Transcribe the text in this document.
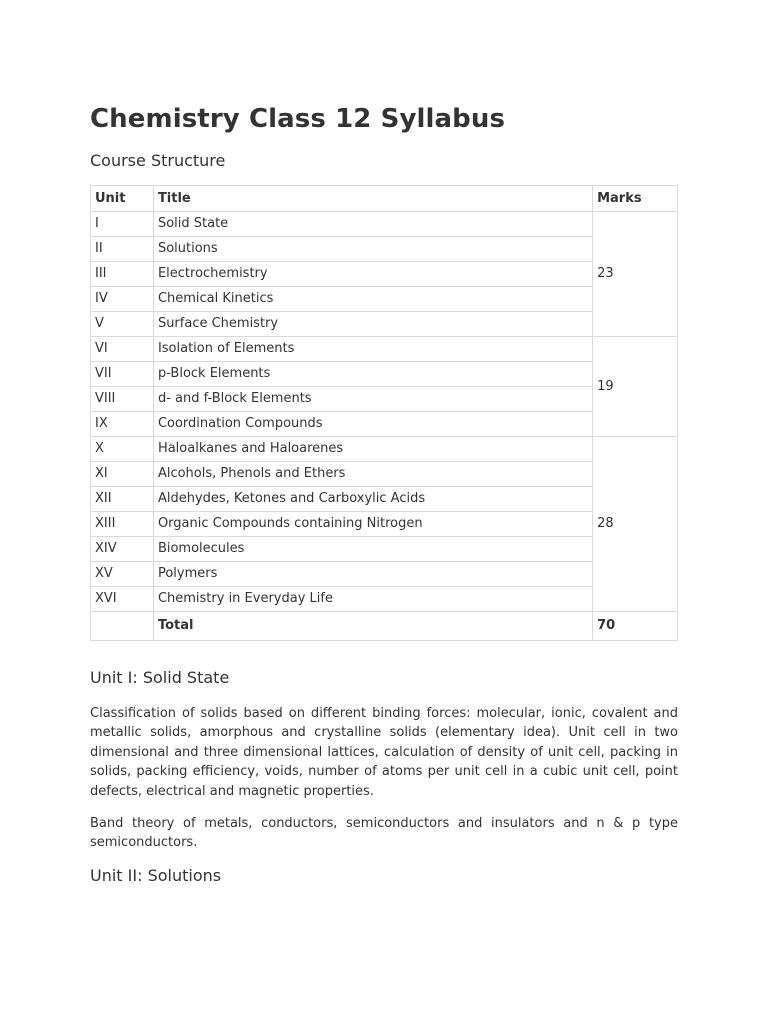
Chemistry Class 12 Syllabus
Course Structure
Unit	Title	Marks
I	Solid State	23
II	Solutions	
III	Electrochemistry	
IV	Chemical Kinetics	
V	Surface Chemistry	
VI	Isolation of Elements	19
VII	p-Block Elements	
VIII	d- and f-Block Elements	
IX	Coordination Compounds	
X	Haloalkanes and Haloarenes	28
XI	Alcohols, Phenols and Ethers	
XII	Aldehydes, Ketones and Carboxylic Acids	
XIII	Organic Compounds containing Nitrogen	
XIV	Biomolecules	
XV	Polymers	
XVI	Chemistry in Everyday Life	
	Total	70
Unit I: Solid State

Classification of solids based on different binding forces: molecular, ionic, covalent and metallic solids, amorphous and crystalline solids (elementary idea). Unit cell in two dimensional and three dimensional lattices, calculation of density of unit cell, packing in solids, packing efficiency, voids, number of atoms per unit cell in a cubic unit cell, point defects, electrical and magnetic properties.

Band theory of metals, conductors, semiconductors and insulators and n & p type semiconductors.

Unit II: Solutions
